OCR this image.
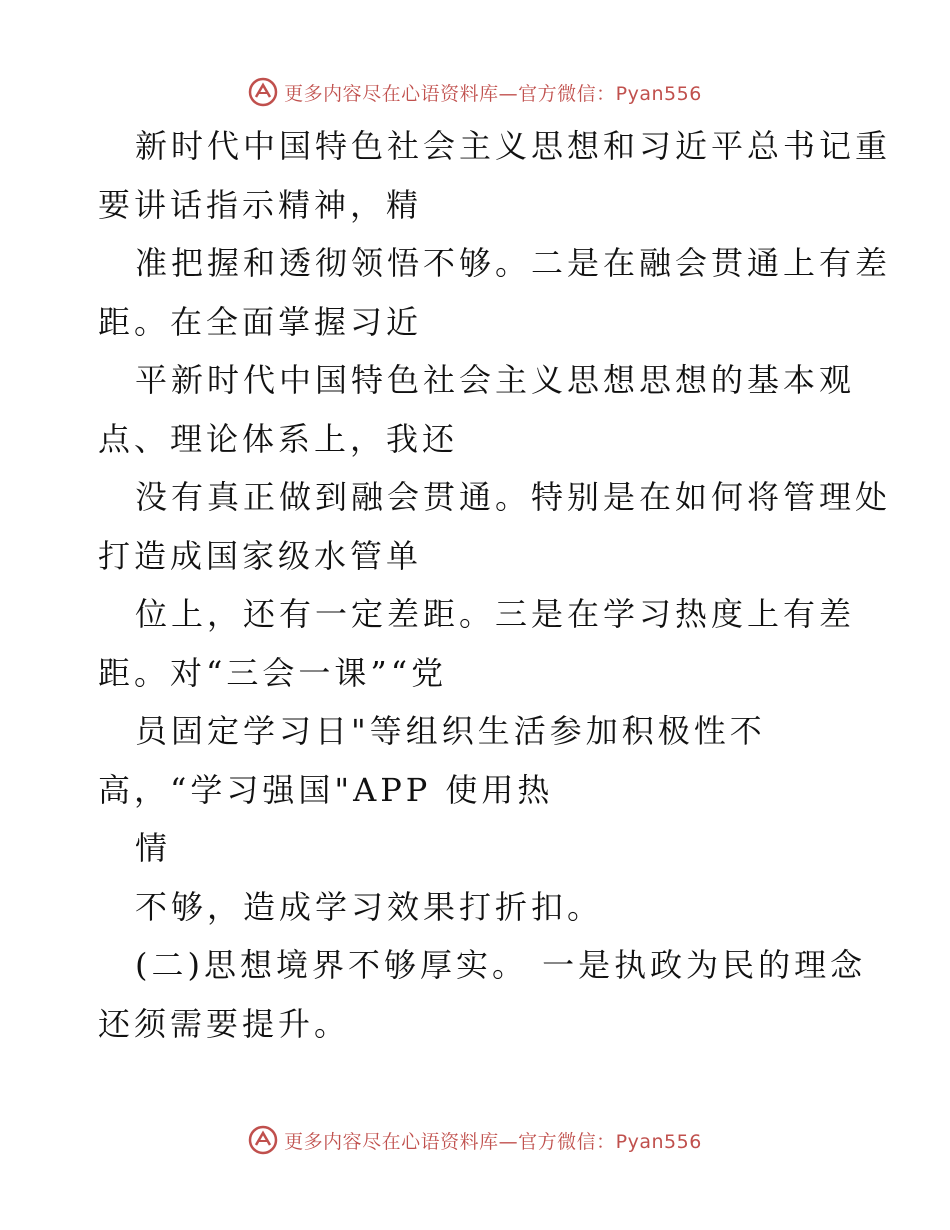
更多内容尽在心语资料库—官方微信：Pyan556
新时代中国特色社会主义思想和习近平总书记重
要讲话指示精神，精
准把握和透彻领悟不够。二是在融会贯通上有差
距。在全面掌握习近
平新时代中国特色社会主义思想思想的基本观
点、理论体系上，我还
没有真正做到融会贯通。特别是在如何将管理处
打造成国家级水管单
位上，还有一定差距。三是在学习热度上有差
距。对“三会一课”“党
员固定学习日"等组织生活参加积极性不
高，“学习强国"APP 使用热
情
不够，造成学习效果打折扣。
(二)思想境界不够厚实。 一是执政为民的理念
还须需要提升。
更多内容尽在心语资料库—官方微信：Pyan556
